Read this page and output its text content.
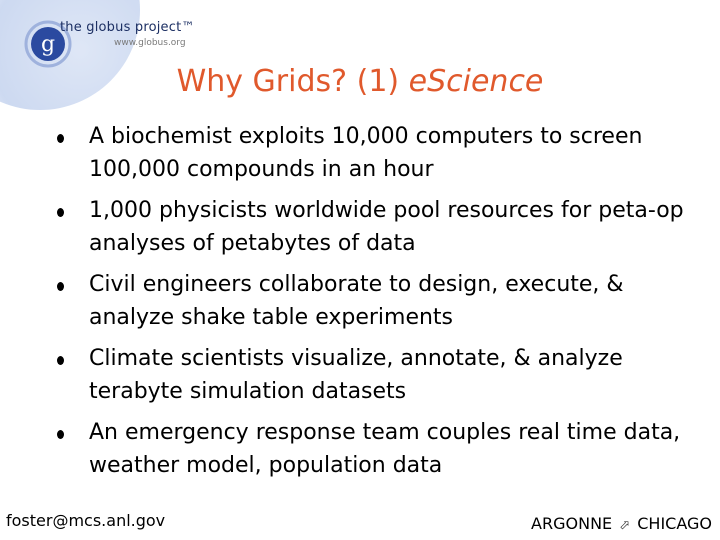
g
the globus project™
www.globus.org
Why Grids? (1) eScience
A biochemist exploits 10,000 computers to screen 100,000 compounds in an hour
1,000 physicists worldwide pool resources for peta-op analyses of petabytes of data
Civil engineers collaborate to design, execute, & analyze shake table experiments
Climate scientists visualize, annotate, & analyze terabyte simulation datasets
An emergency response team couples real time data, weather model, population data
foster@mcs.anl.gov	ARGONNE ⬀ CHICAGO
